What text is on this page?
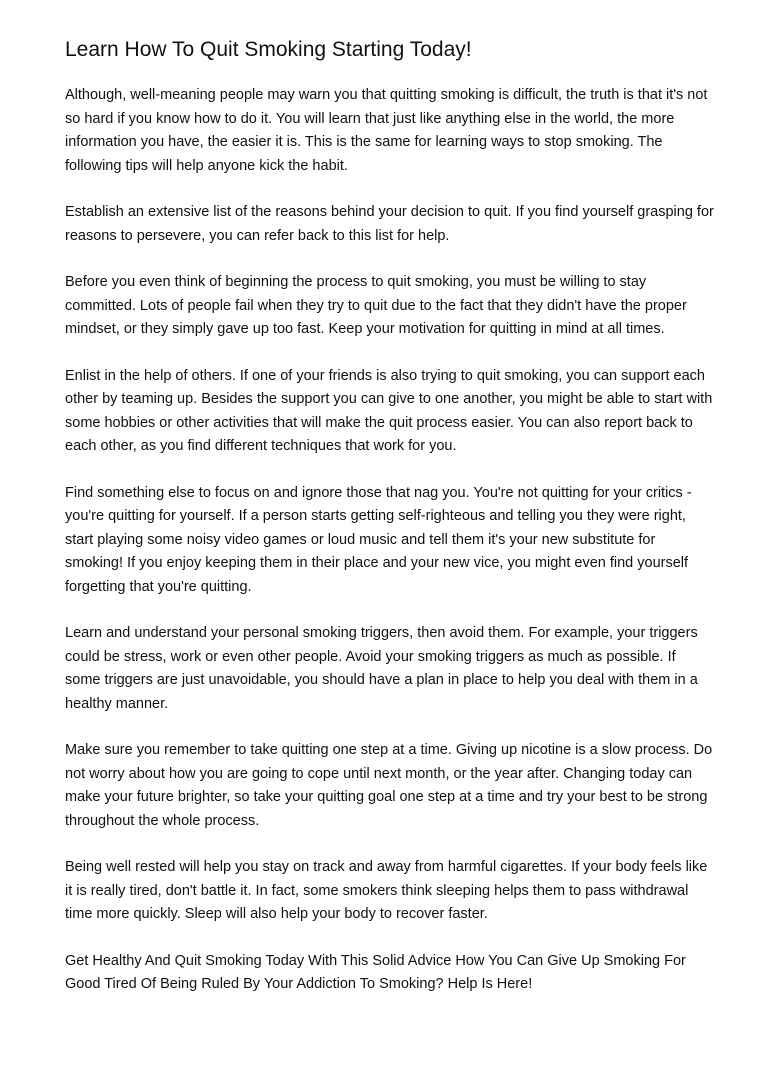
Learn How To Quit Smoking Starting Today!

Although, well-meaning people may warn you that quitting smoking is difficult, the truth is that it's not so hard if you know how to do it. You will learn that just like anything else in the world, the more information you have, the easier it is. This is the same for learning ways to stop smoking. The following tips will help anyone kick the habit.

Establish an extensive list of the reasons behind your decision to quit. If you find yourself grasping for reasons to persevere, you can refer back to this list for help.

Before you even think of beginning the process to quit smoking, you must be willing to stay committed. Lots of people fail when they try to quit due to the fact that they didn't have the proper mindset, or they simply gave up too fast. Keep your motivation for quitting in mind at all times.

Enlist in the help of others. If one of your friends is also trying to quit smoking, you can support each other by teaming up. Besides the support you can give to one another, you might be able to start with some hobbies or other activities that will make the quit process easier. You can also report back to each other, as you find different techniques that work for you.

Find something else to focus on and ignore those that nag you. You're not quitting for your critics - you're quitting for yourself. If a person starts getting self-righteous and telling you they were right, start playing some noisy video games or loud music and tell them it's your new substitute for smoking! If you enjoy keeping them in their place and your new vice, you might even find yourself forgetting that you're quitting.

Learn and understand your personal smoking triggers, then avoid them. For example, your triggers could be stress, work or even other people. Avoid your smoking triggers as much as possible. If some triggers are just unavoidable, you should have a plan in place to help you deal with them in a healthy manner.

Make sure you remember to take quitting one step at a time. Giving up nicotine is a slow process. Do not worry about how you are going to cope until next month, or the year after. Changing today can make your future brighter, so take your quitting goal one step at a time and try your best to be strong throughout the whole process.

Being well rested will help you stay on track and away from harmful cigarettes. If your body feels like it is really tired, don't battle it. In fact, some smokers think sleeping helps them to pass withdrawal time more quickly. Sleep will also help your body to recover faster.

Get Healthy And Quit Smoking Today With This Solid Advice How You Can Give Up Smoking For Good Tired Of Being Ruled By Your Addiction To Smoking? Help Is Here!
